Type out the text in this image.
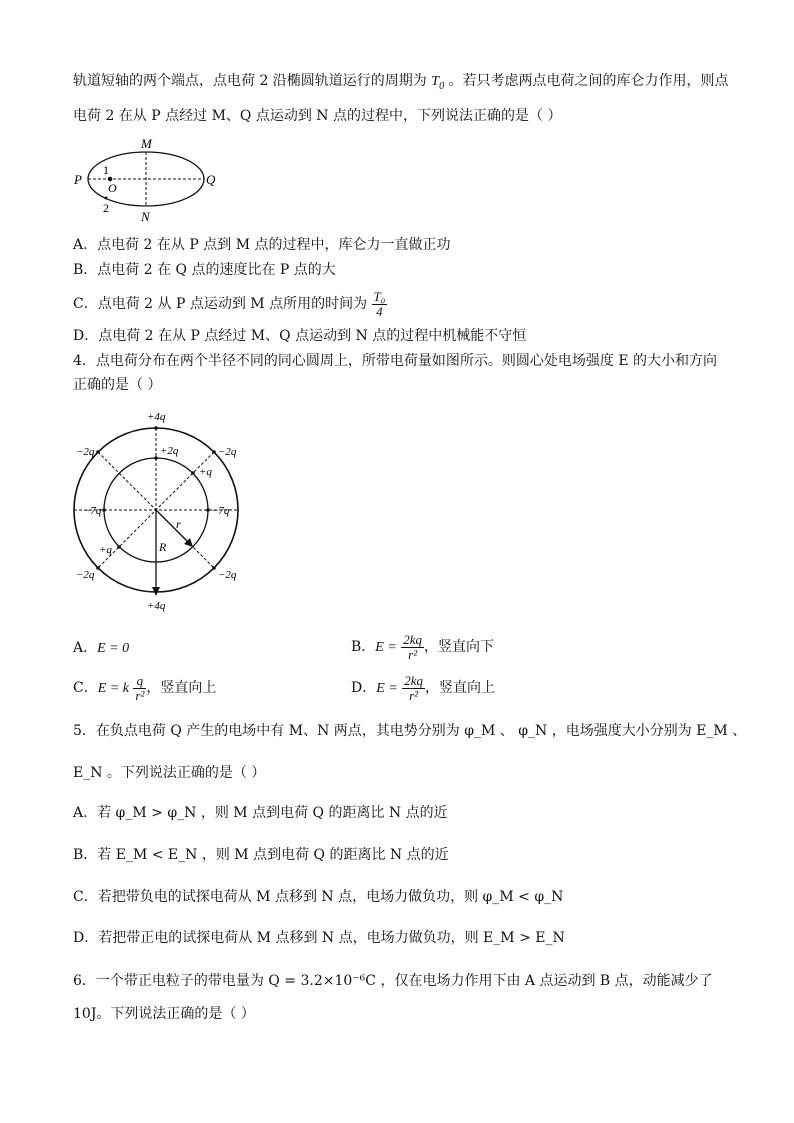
轨道短轴的两个端点，点电荷 2 沿椭圆轨道运行的周期为 $T_0$ 。若只考虑两点电荷之间的库仑力作用，则点
电荷 2 在从 P 点经过 M、Q 点运动到 N 点的过程中，下列说法正确的是（ ）
M
N
P	Q
O
1
2
A．点电荷 2 在从 P 点到 M 点的过程中，库仑力一直做正功
B．点电荷 2 在 Q 点的速度比在 P 点的大
C．点电荷 2 从 P 点运动到 M 点所用的时间为 $\frac{\text{T₀}}{4}$
D．点电荷 2 在从 P 点经过 M、Q 点运动到 N 点的过程中机械能不守恒
4．点电荷分布在两个半径不同的同心圆周上，所带电荷量如图所示。则圆心处电场强度 E 的大小和方向
正确的是（ ）
+4q
+2q
−2q	−2q
+q
−7q	−7q
+q
−2q	−2q
+4q
r
R
A．E = 0	B．$E = \frac{2kq}{\text{r²}}$ ，竖直向下
C．E = k $\frac{q}{\text{r²}}$ ，竖直向上	D．$E = \frac{2kq}{\text{r²}}$ ，竖直向上
5．在负点电荷 Q 产生的电场中有 M、N 两点，其电势分别为 φ_M 、 φ_N ，电场强度大小分别为 E_M 、
E_N 。下列说法正确的是（ ）
A．若 φ_M > φ_N ，则 M 点到电荷 Q 的距离比 N 点的近
B．若 E_M < E_N ，则 M 点到电荷 Q 的距离比 N 点的近
C．若把带负电的试探电荷从 M 点移到 N 点，电场力做负功，则 φ_M < φ_N
D．若把带正电的试探电荷从 M 点移到 N 点，电场力做负功，则 E_M > E_N
6．一个带正电粒子的带电量为 Q = 3.2×10⁻⁶C ，仅在电场力作用下由 A 点运动到 B 点，动能减少了
10J。下列说法正确的是（ ）
